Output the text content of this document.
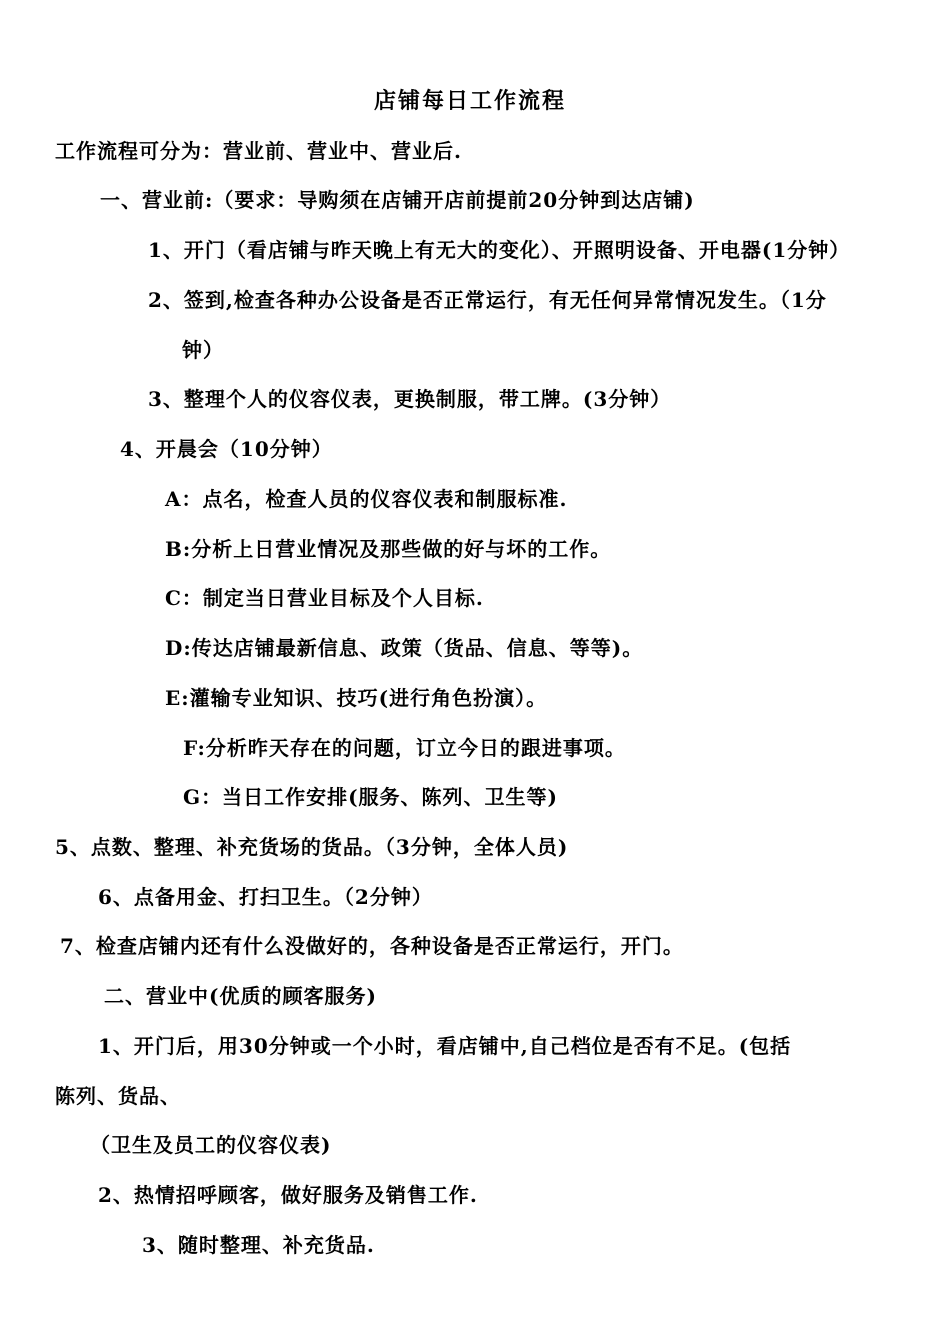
店铺每日工作流程
工作流程可分为：营业前、营业中、营业后.
一、营业前:（要求：导购须在店铺开店前提前20分钟到达店铺)
1、开门（看店铺与昨天晚上有无大的变化）、开照明设备、开电器(1分钟）
2、签到,检查各种办公设备是否正常运行，有无任何异常情况发生。（1分
钟）
3、整理个人的仪容仪表，更换制服，带工牌。(3分钟）
4、开晨会（10分钟）
A：点名，检查人员的仪容仪表和制服标准.
B:分析上日营业情况及那些做的好与坏的工作。
C：制定当日营业目标及个人目标.
D:传达店铺最新信息、政策（货品、信息、等等)。
E:灌输专业知识、技巧(进行角色扮演）。
F:分析昨天存在的问题，订立今日的跟进事项。
G：当日工作安排(服务、陈列、卫生等)
5、点数、整理、补充货场的货品。（3分钟，全体人员)
6、点备用金、打扫卫生。（2分钟）
7、检查店铺内还有什么没做好的，各种设备是否正常运行，开门。
二、营业中(优质的顾客服务)
1、开门后，用30分钟或一个小时，看店铺中,自己档位是否有不足。(包括
陈列、货品、
（卫生及员工的仪容仪表)
2、热情招呼顾客，做好服务及销售工作.
3、随时整理、补充货品.
